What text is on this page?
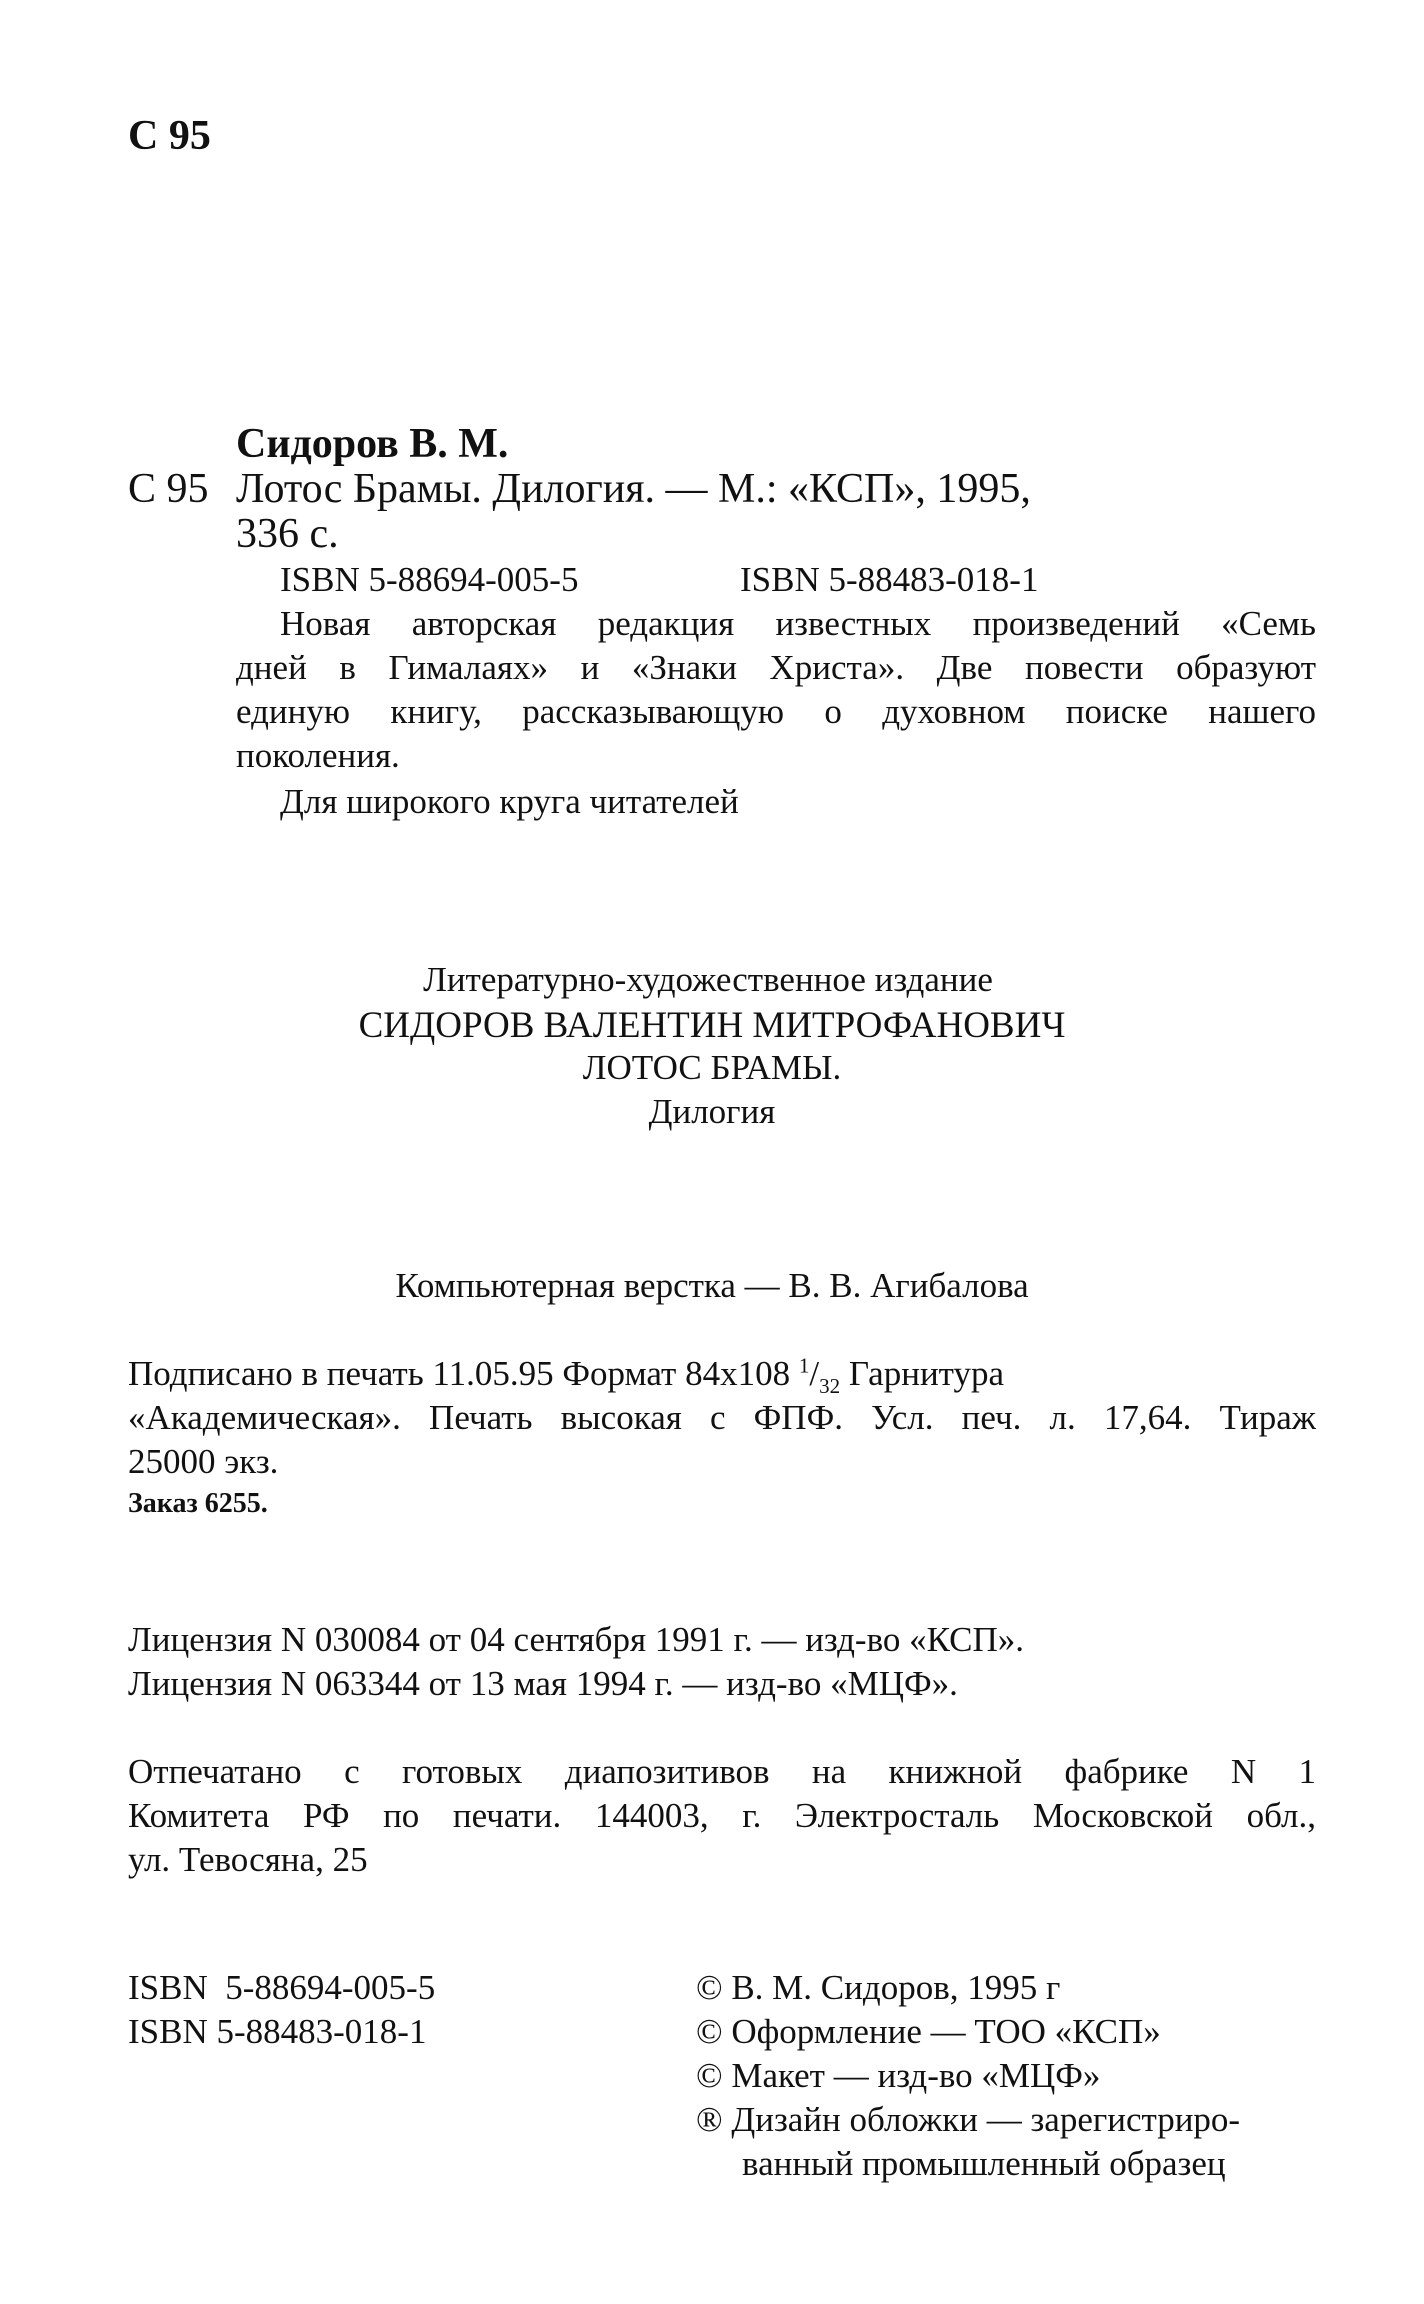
С 95
Сидоров В. М.
С 95 Лотос Брамы. Дилогия. — М.: «КСП», 1995,
336 с.
ISBN 5-88694-005-5	ISBN 5-88483-018-1
Новая авторская редакция известных произведений «Семь
дней в Гималаях» и «Знаки Христа». Две повести образуют
единую книгу, рассказывающую о духовном поиске нашего
поколения.
Для широкого круга читателей
Литературно-художественное издание
СИДОРОВ ВАЛЕНТИН МИТРОФАНОВИЧ
ЛОТОС БРАМЫ.
Дилогия
Компьютерная верстка — В. В. Агибалова
Подписано в печать 11.05.95 Формат 84x108 $^1/_{32}$ Гарнитура
«Академическая». Печать высокая с ФПФ. Усл. печ. л. 17,64. Тираж
25000 экз.
Заказ 6255.
Лицензия N 030084 от 04 сентября 1991 г. — изд-во «КСП».
Лицензия N 063344 от 13 мая 1994 г. — изд-во «МЦФ».
Отпечатано с готовых диапозитивов на книжной фабрике N 1
Комитета РФ по печати. 144003, г. Электросталь Московской обл.,
ул. Тевосяна, 25
ISBN  5-88694-005-5
ISBN 5-88483-018-1
© В. М. Сидоров, 1995 г
© Оформление — ТОО «КСП»
© Макет — изд-во «МЦФ»
® Дизайн обложки — зарегистриро-
ванный промышленный образец
